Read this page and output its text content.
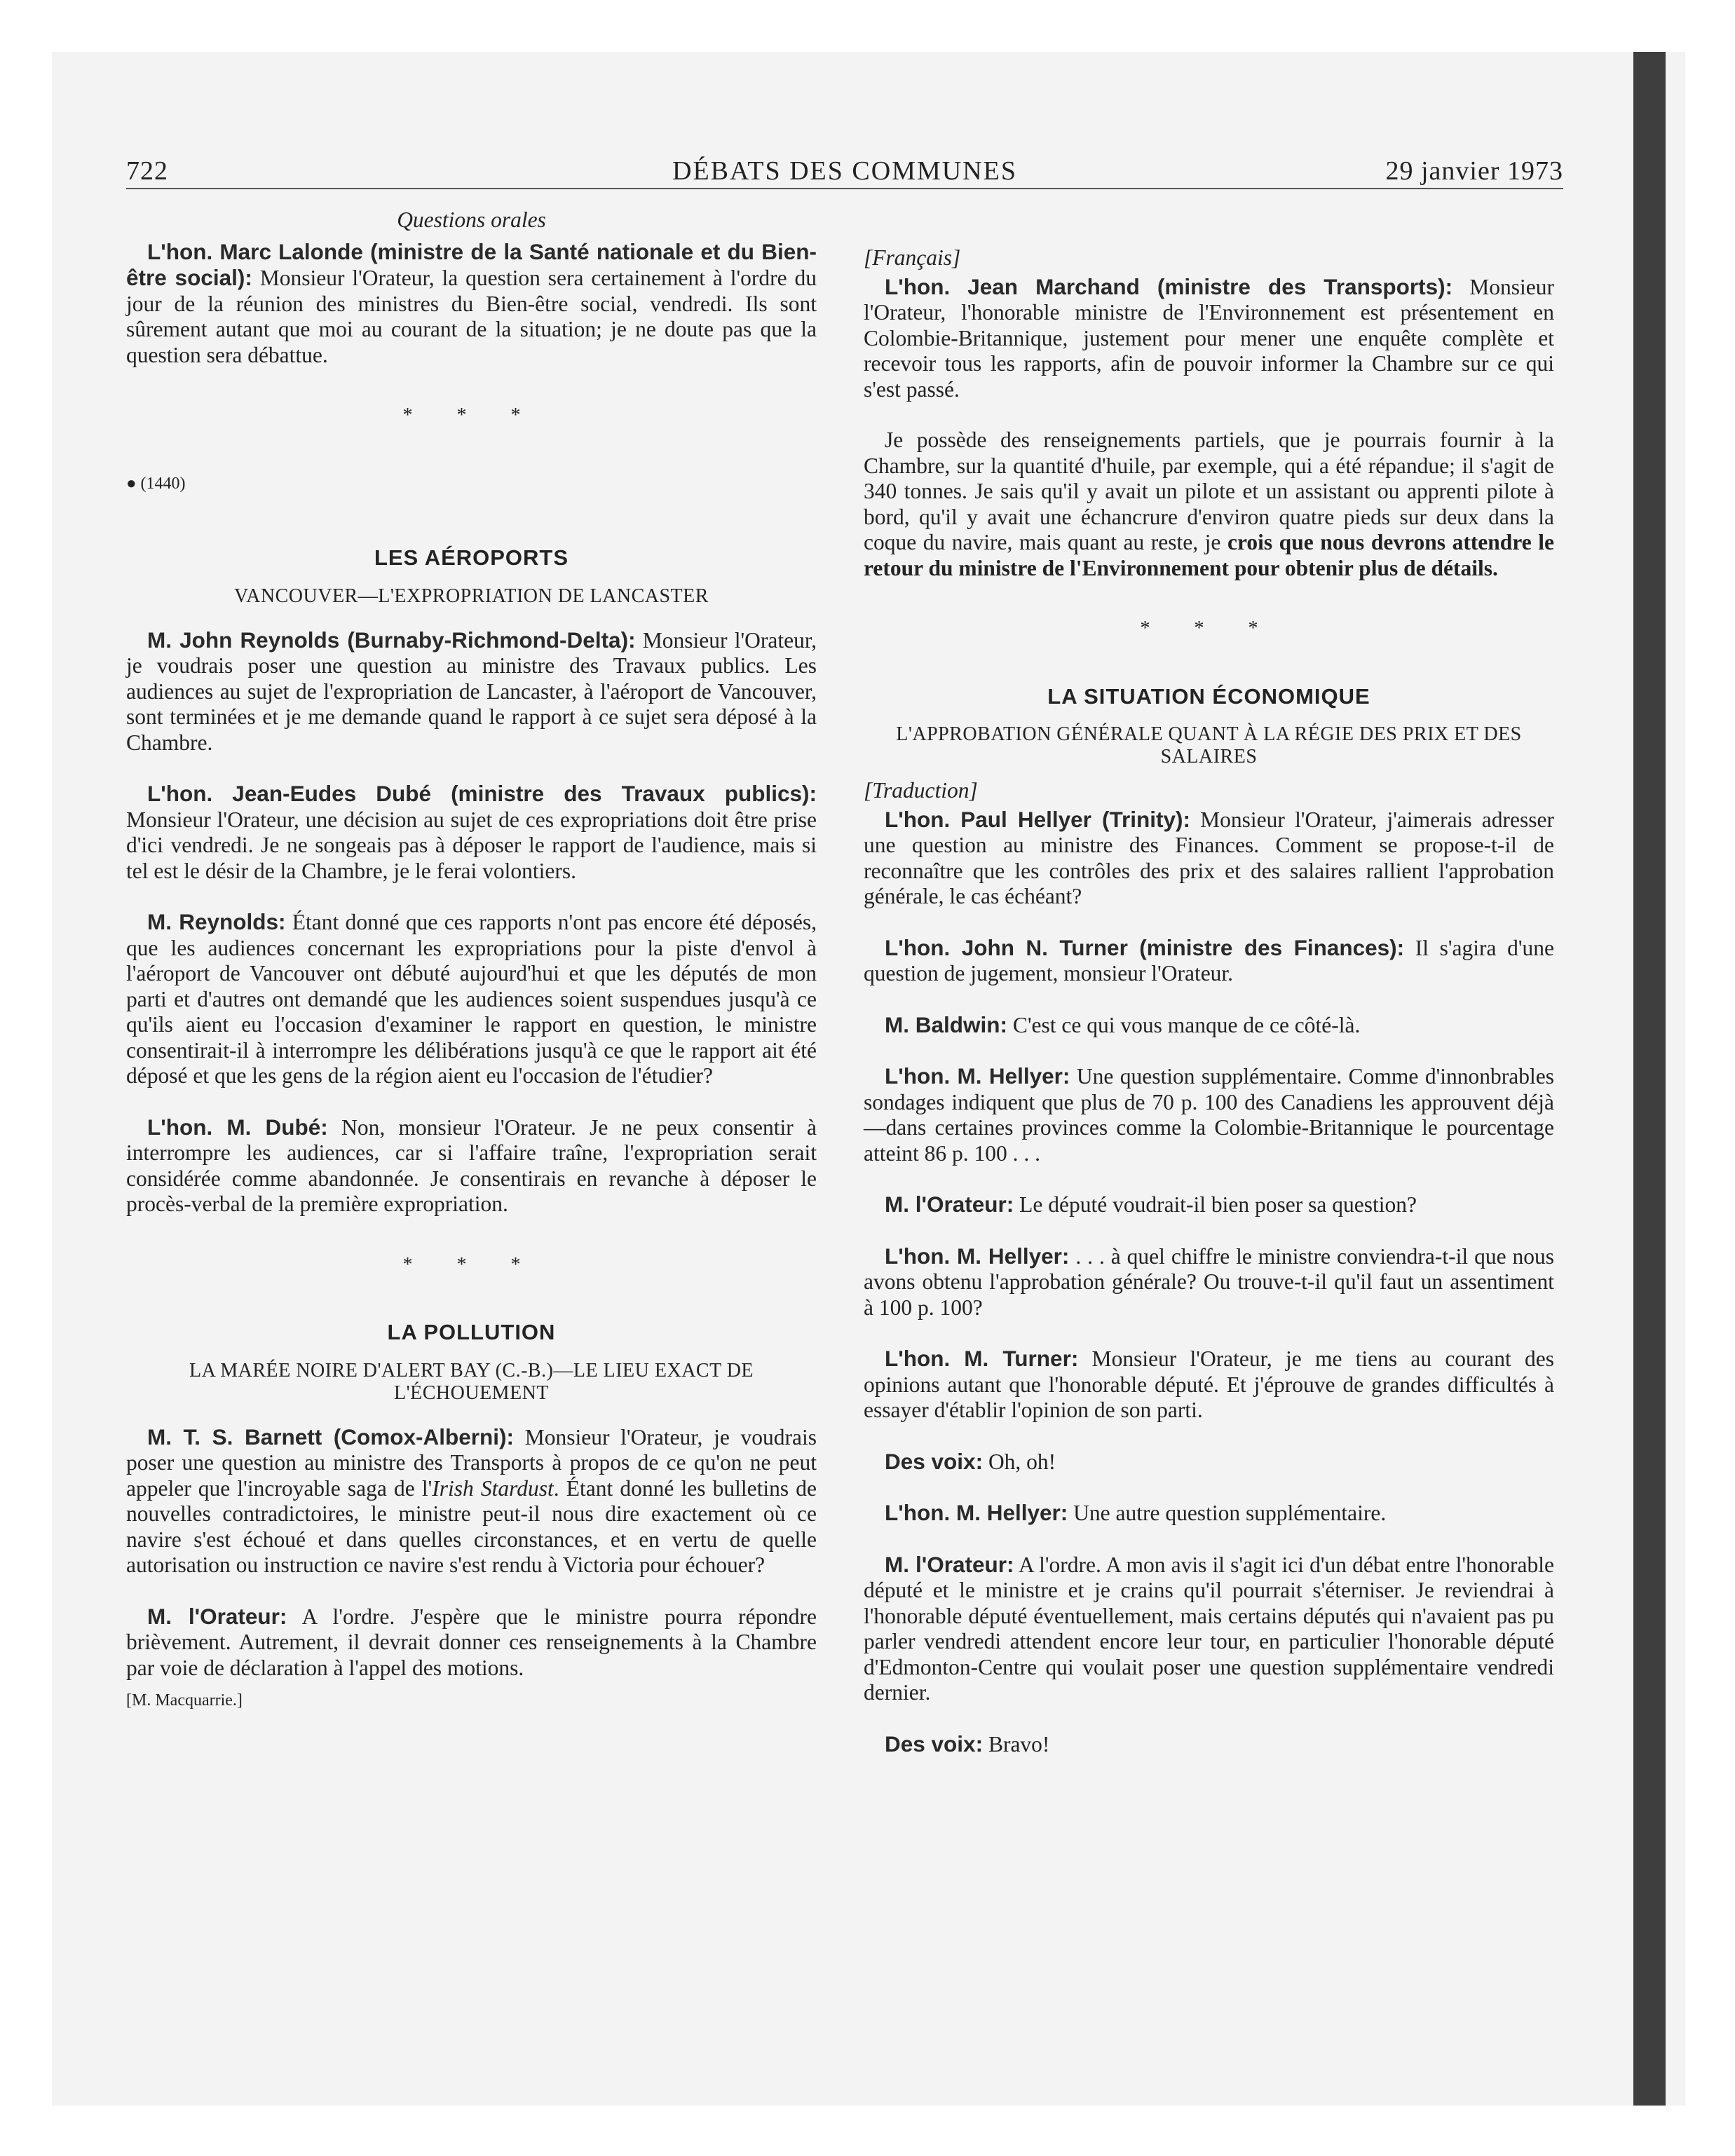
722	DÉBATS DES COMMUNES	29 janvier 1973

Questions orales

L'hon. Marc Lalonde (ministre de la Santé nationale et du Bien-être social): Monsieur l'Orateur, la question sera certainement à l'ordre du jour de la réunion des ministres du Bien-être social, vendredi. Ils sont sûrement autant que moi au courant de la situation; je ne doute pas que la question sera débattue.

* * *
● (1440)
LES AÉROPORTS
VANCOUVER—L'EXPROPRIATION DE LANCASTER

M. John Reynolds (Burnaby-Richmond-Delta): Monsieur l'Orateur, je voudrais poser une question au ministre des Travaux publics. Les audiences au sujet de l'expropriation de Lancaster, à l'aéroport de Vancouver, sont terminées et je me demande quand le rapport à ce sujet sera déposé à la Chambre.

L'hon. Jean-Eudes Dubé (ministre des Travaux publics): Monsieur l'Orateur, une décision au sujet de ces expropriations doit être prise d'ici vendredi. Je ne songeais pas à déposer le rapport de l'audience, mais si tel est le désir de la Chambre, je le ferai volontiers.

M. Reynolds: Étant donné que ces rapports n'ont pas encore été déposés, que les audiences concernant les expropriations pour la piste d'envol à l'aéroport de Vancouver ont débuté aujourd'hui et que les députés de mon parti et d'autres ont demandé que les audiences soient suspendues jusqu'à ce qu'ils aient eu l'occasion d'examiner le rapport en question, le ministre consentirait-il à interrompre les délibérations jusqu'à ce que le rapport ait été déposé et que les gens de la région aient eu l'occasion de l'étudier?

L'hon. M. Dubé: Non, monsieur l'Orateur. Je ne peux consentir à interrompre les audiences, car si l'affaire traîne, l'expropriation serait considérée comme abandonnée. Je consentirais en revanche à déposer le procès-verbal de la première expropriation.

* * *
LA POLLUTION
LA MARÉE NOIRE D'ALERT BAY (C.-B.)—LE LIEU EXACT DE L'ÉCHOUEMENT

M. T. S. Barnett (Comox-Alberni): Monsieur l'Orateur, je voudrais poser une question au ministre des Transports à propos de ce qu'on ne peut appeler que l'incroyable saga de l'Irish Stardust. Étant donné les bulletins de nouvelles contradictoires, le ministre peut-il nous dire exactement où ce navire s'est échoué et dans quelles circonstances, et en vertu de quelle autorisation ou instruction ce navire s'est rendu à Victoria pour échouer?

M. l'Orateur: A l'ordre. J'espère que le ministre pourra répondre brièvement. Autrement, il devrait donner ces renseignements à la Chambre par voie de déclaration à l'appel des motions.

[M. Macquarrie.]

[Français]

L'hon. Jean Marchand (ministre des Transports): Monsieur l'Orateur, l'honorable ministre de l'Environnement est présentement en Colombie-Britannique, justement pour mener une enquête complète et recevoir tous les rapports, afin de pouvoir informer la Chambre sur ce qui s'est passé.

Je possède des renseignements partiels, que je pourrais fournir à la Chambre, sur la quantité d'huile, par exemple, qui a été répandue; il s'agit de 340 tonnes. Je sais qu'il y avait un pilote et un assistant ou apprenti pilote à bord, qu'il y avait une échancrure d'environ quatre pieds sur deux dans la coque du navire, mais quant au reste, je crois que nous devrons attendre le retour du ministre de l'Environnement pour obtenir plus de détails.

* * *
LA SITUATION ÉCONOMIQUE
L'APPROBATION GÉNÉRALE QUANT À LA RÉGIE DES PRIX ET DES SALAIRES

[Traduction]

L'hon. Paul Hellyer (Trinity): Monsieur l'Orateur, j'aimerais adresser une question au ministre des Finances. Comment se propose-t-il de reconnaître que les contrôles des prix et des salaires rallient l'approbation générale, le cas échéant?

L'hon. John N. Turner (ministre des Finances): Il s'agira d'une question de jugement, monsieur l'Orateur.

M. Baldwin: C'est ce qui vous manque de ce côté-là.

L'hon. M. Hellyer: Une question supplémentaire. Comme d'innonbrables sondages indiquent que plus de 70 p. 100 des Canadiens les approuvent déjà—dans certaines provinces comme la Colombie-Britannique le pourcentage atteint 86 p. 100 . . .

M. l'Orateur: Le député voudrait-il bien poser sa question?

L'hon. M. Hellyer: . . . à quel chiffre le ministre conviendra-t-il que nous avons obtenu l'approbation générale? Ou trouve-t-il qu'il faut un assentiment à 100 p. 100?

L'hon. M. Turner: Monsieur l'Orateur, je me tiens au courant des opinions autant que l'honorable député. Et j'éprouve de grandes difficultés à essayer d'établir l'opinion de son parti.

Des voix: Oh, oh!

L'hon. M. Hellyer: Une autre question supplémentaire.

M. l'Orateur: A l'ordre. A mon avis il s'agit ici d'un débat entre l'honorable député et le ministre et je crains qu'il pourrait s'éterniser. Je reviendrai à l'honorable député éventuellement, mais certains députés qui n'avaient pas pu parler vendredi attendent encore leur tour, en particulier l'honorable député d'Edmonton-Centre qui voulait poser une question supplémentaire vendredi dernier.

Des voix: Bravo!
